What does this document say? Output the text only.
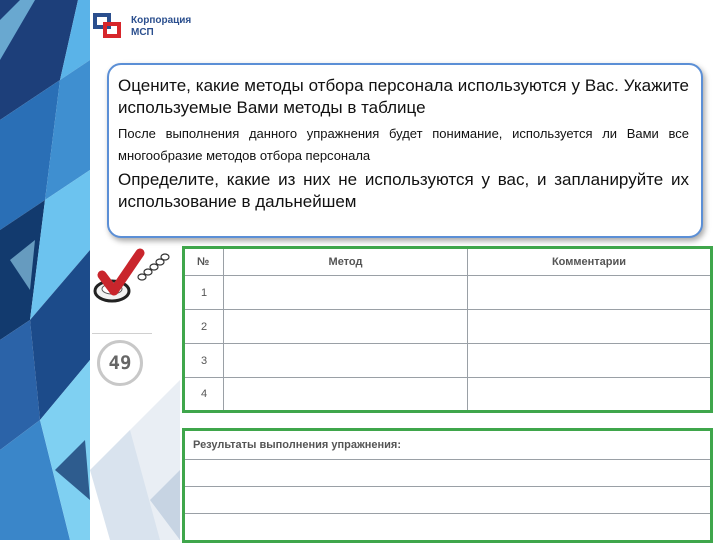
Корпорация
МСП

Оцените, какие методы отбора персонала используются у Вас. Укажите используемые Вами методы в таблице

После выполнения данного упражнения будет понимание, используется ли Вами все многообразие методов отбора персонала

Определите, какие из них не используются у вас, и запланируйте их использование в дальнейшем

49
№	Метод	Комментарии
1		
2		
3		
4		
Результаты выполнения упражнения:
